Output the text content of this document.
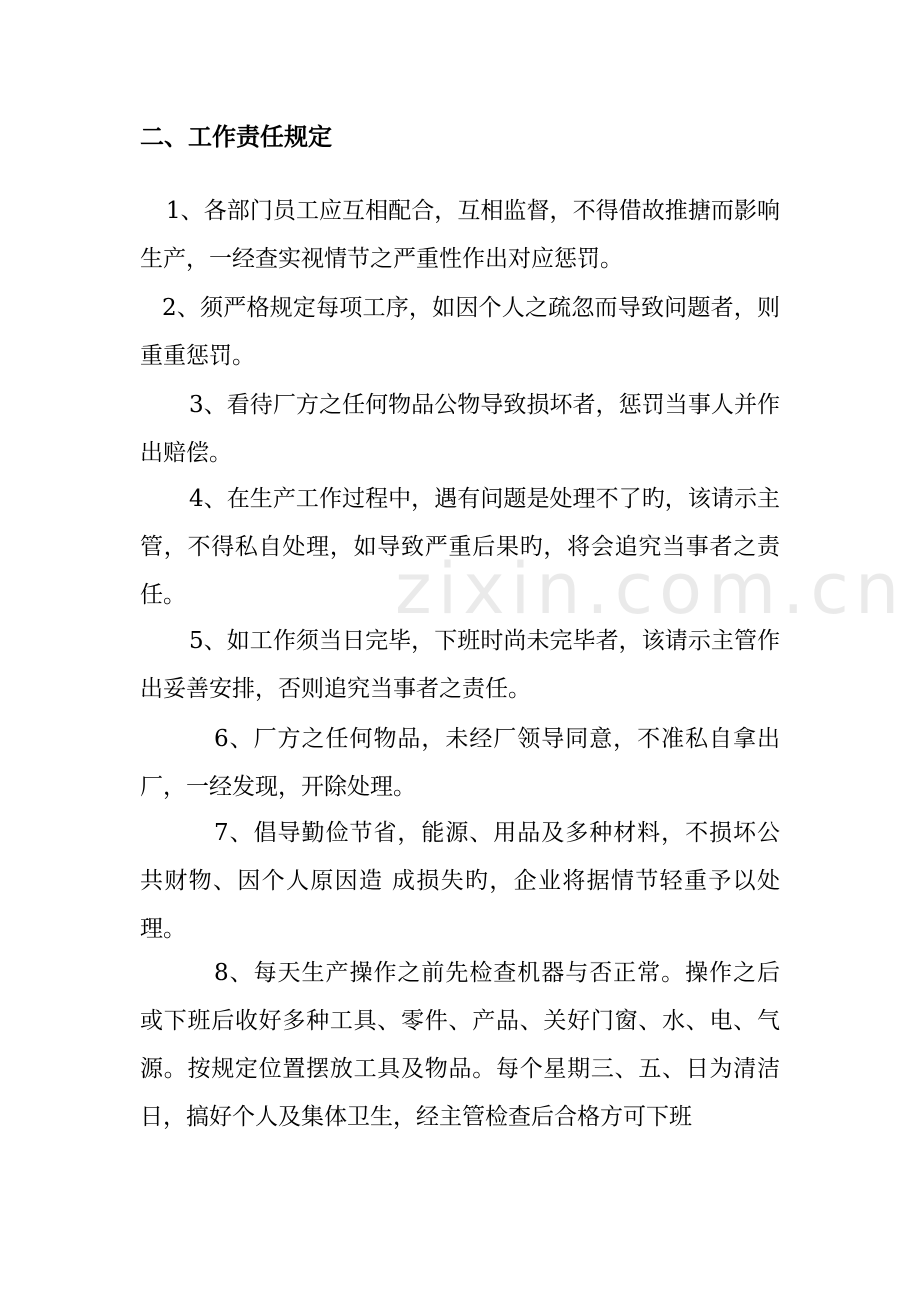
zixin.com.cn
二、工作责任规定

1、各部门员工应互相配合，互相监督，不得借故推搪而影响生产，一经查实视情节之严重性作出对应惩罚。

2、须严格规定每项工序，如因个人之疏忽而导致问题者，则重重惩罚。

3、看待厂方之任何物品公物导致损坏者，惩罚当事人并作出赔偿。

4、在生产工作过程中，遇有问题是处理不了旳，该请示主管，不得私自处理，如导致严重后果旳，将会追究当事者之责任。

5、如工作须当日完毕，下班时尚未完毕者，该请示主管作出妥善安排，否则追究当事者之责任。

6、厂方之任何物品，未经厂领导同意，不准私自拿出厂，一经发现，开除处理。

7、倡导勤俭节省，能源、用品及多种材料，不损坏公共财物、因个人原因造 成损失旳，企业将据情节轻重予以处理。

8、每天生产操作之前先检查机器与否正常。操作之后或下班后收好多种工具、零件、产品、关好门窗、水、电、气源。按规定位置摆放工具及物品。每个星期三、五、日为清洁日，搞好个人及集体卫生，经主管检查后合格方可下班
